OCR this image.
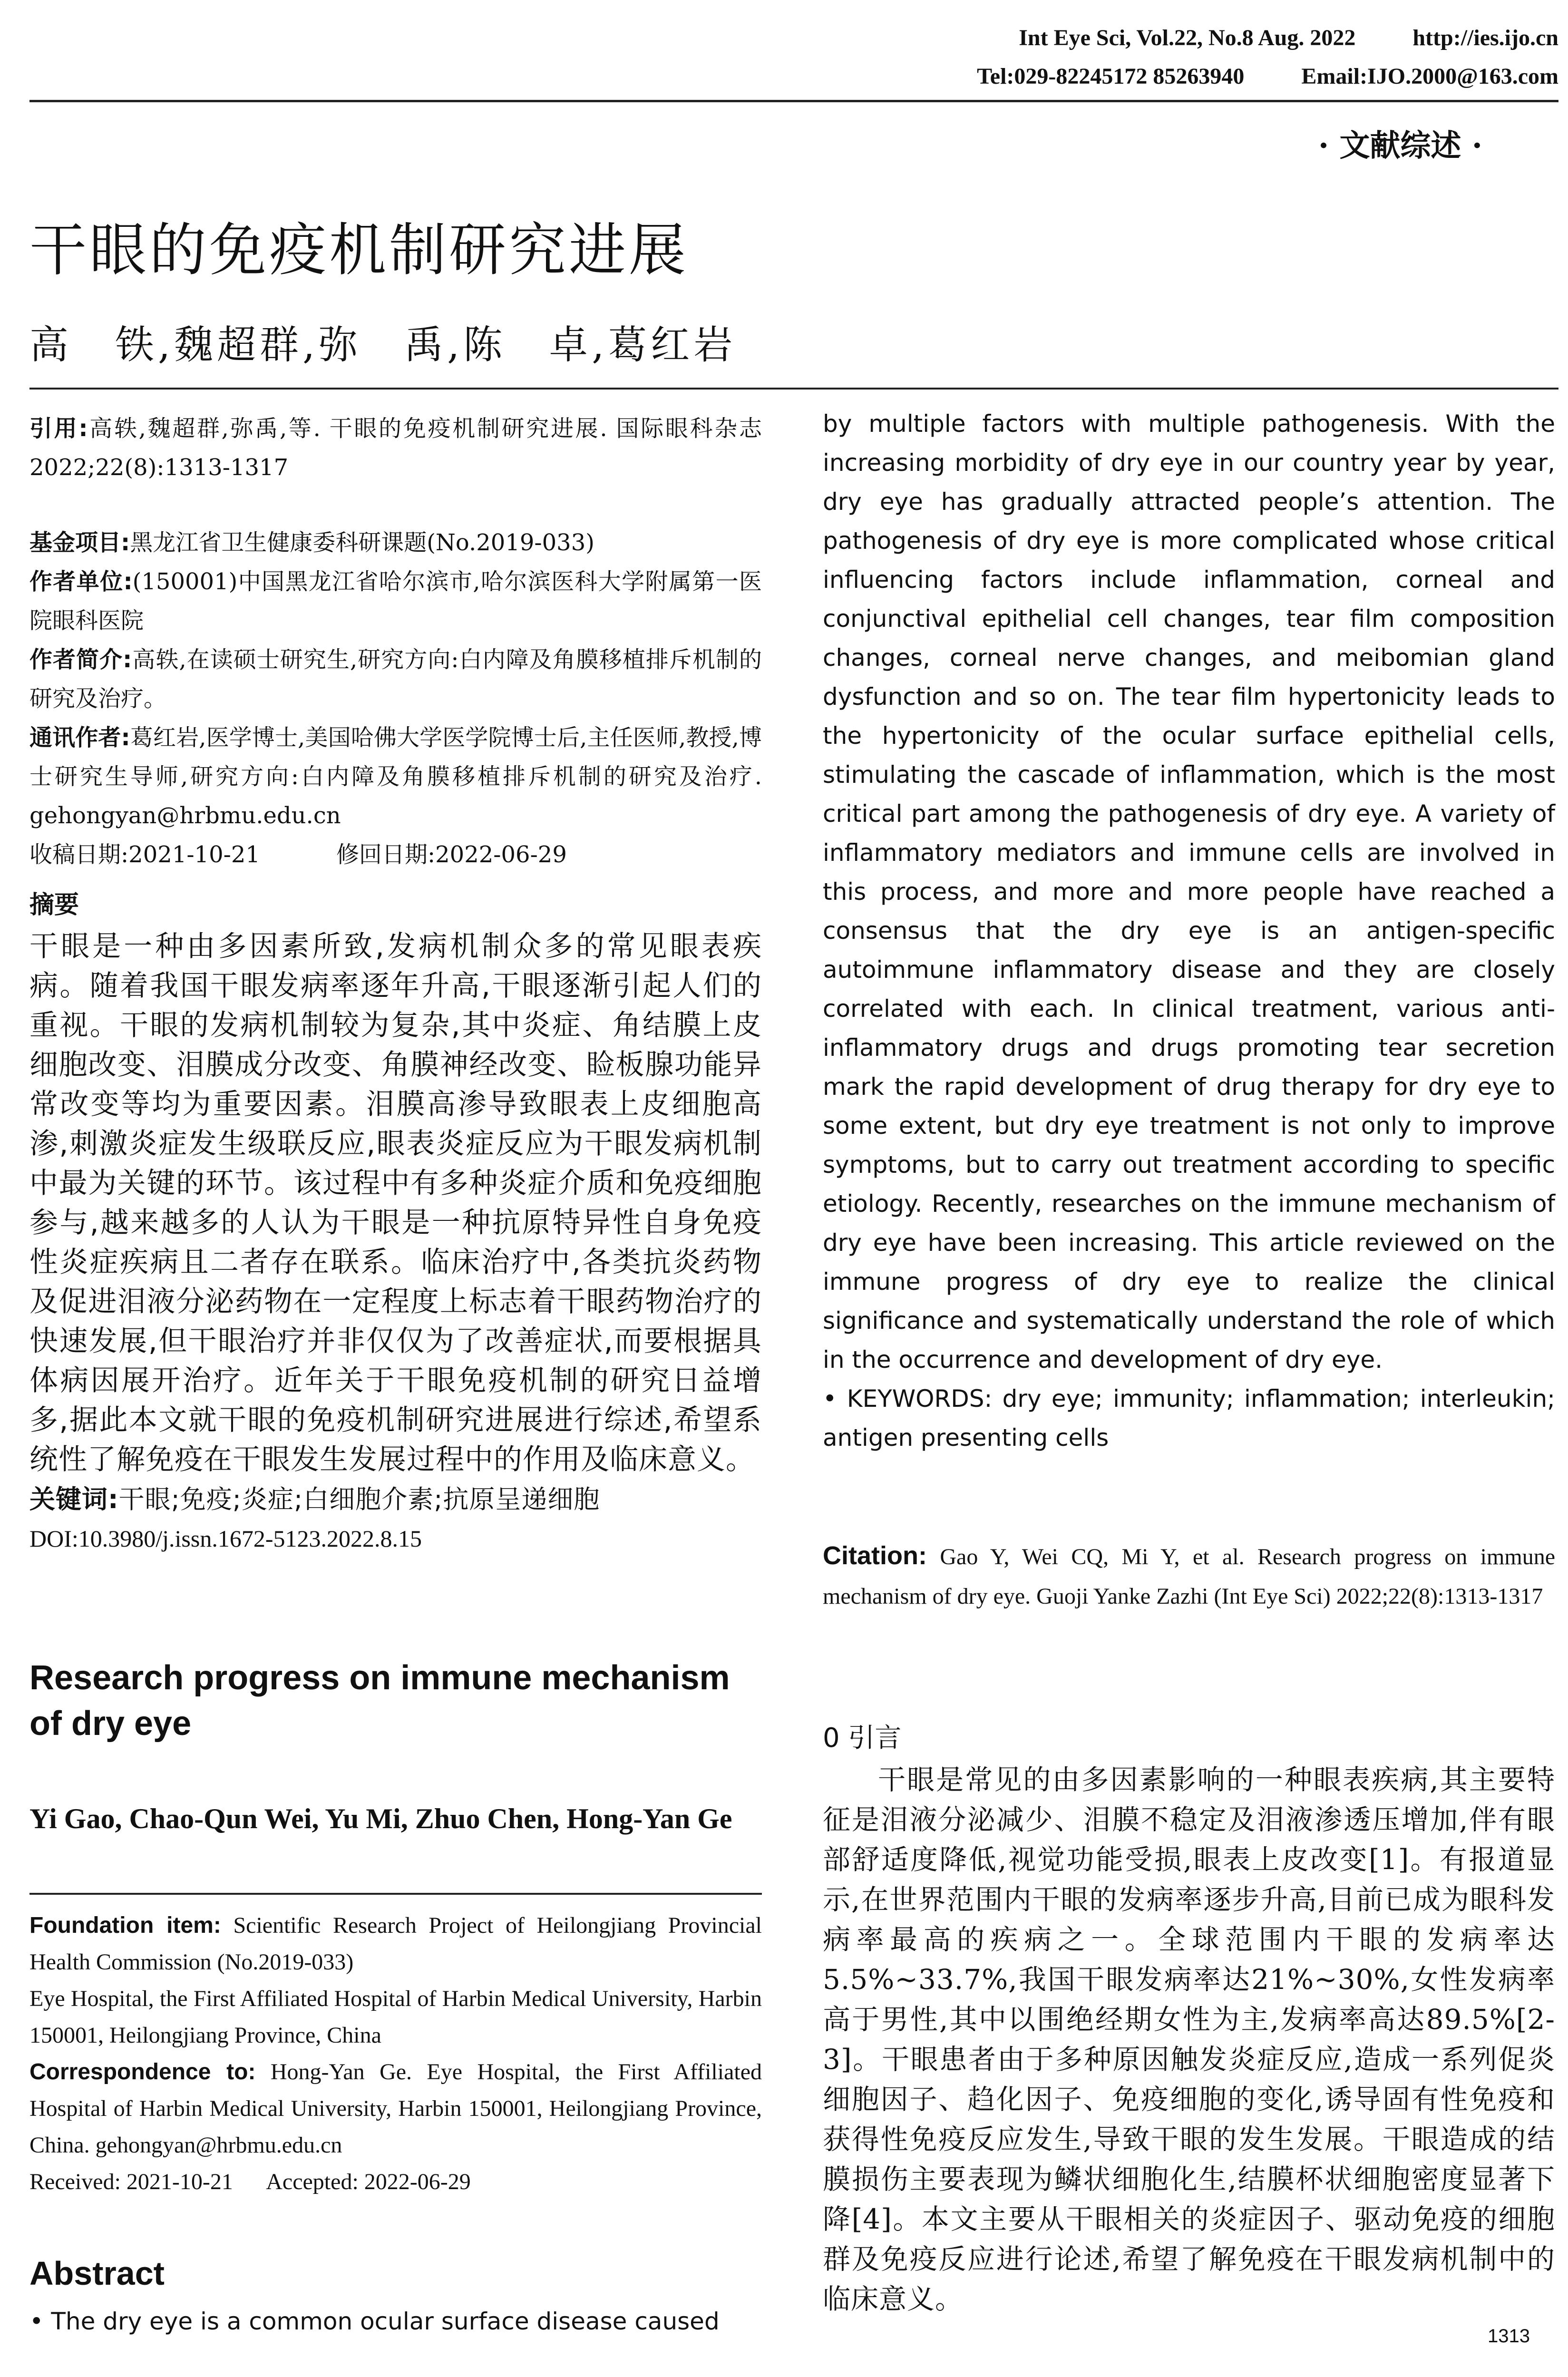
Int Eye Sci, Vol.22, No.8 Aug. 2022	http://ies.ijo.cn
Tel:029-82245172 85263940	Email:IJO.2000@163.com
· 文献综述 ·
干眼的免疫机制研究进展
高　铁,魏超群,弥　禹,陈　卓,葛红岩

引用:高轶,魏超群,弥禹,等. 干眼的免疫机制研究进展. 国际眼科杂志 2022;22(8):1313-1317

基金项目:黑龙江省卫生健康委科研课题(No.2019-033)

作者单位:(150001)中国黑龙江省哈尔滨市,哈尔滨医科大学附属第一医院眼科医院

作者简介:高轶,在读硕士研究生,研究方向:白内障及角膜移植排斥机制的研究及治疗。

通讯作者:葛红岩,医学博士,美国哈佛大学医学院博士后,主任医师,教授,博士研究生导师,研究方向:白内障及角膜移植排斥机制的研究及治疗. gehongyan@hrbmu.edu.cn

收稿日期:2021-10-21	修回日期:2022-06-29

摘要

干眼是一种由多因素所致,发病机制众多的常见眼表疾病。随着我国干眼发病率逐年升高,干眼逐渐引起人们的重视。干眼的发病机制较为复杂,其中炎症、角结膜上皮细胞改变、泪膜成分改变、角膜神经改变、睑板腺功能异常改变等均为重要因素。泪膜高渗导致眼表上皮细胞高渗,刺激炎症发生级联反应,眼表炎症反应为干眼发病机制中最为关键的环节。该过程中有多种炎症介质和免疫细胞参与,越来越多的人认为干眼是一种抗原特异性自身免疫性炎症疾病且二者存在联系。临床治疗中,各类抗炎药物及促进泪液分泌药物在一定程度上标志着干眼药物治疗的快速发展,但干眼治疗并非仅仅为了改善症状,而要根据具体病因展开治疗。近年关于干眼免疫机制的研究日益增多,据此本文就干眼的免疫机制研究进展进行综述,希望系统性了解免疫在干眼发生发展过程中的作用及临床意义。

关键词:干眼;免疫;炎症;白细胞介素;抗原呈递细胞

DOI:10.3980/j.issn.1672-5123.2022.8.15

Research progress on immune mechanism of dry eye
Yi Gao, Chao-Qun Wei, Yu Mi, Zhuo Chen, Hong-Yan Ge

Foundation item: Scientific Research Project of Heilongjiang Provincial Health Commission (No.2019-033)

Eye Hospital, the First Affiliated Hospital of Harbin Medical University, Harbin 150001, Heilongjiang Province, China

Correspondence to: Hong-Yan Ge. Eye Hospital, the First Affiliated Hospital of Harbin Medical University, Harbin 150001, Heilongjiang Province, China. gehongyan@hrbmu.edu.cn

Received: 2021-10-21      Accepted: 2022-06-29

Abstract

• The dry eye is a common ocular surface disease caused

by multiple factors with multiple pathogenesis. With the increasing morbidity of dry eye in our country year by year, dry eye has gradually attracted people’s attention. The pathogenesis of dry eye is more complicated whose critical influencing factors include inflammation, corneal and conjunctival epithelial cell changes, tear film composition changes, corneal nerve changes, and meibomian gland dysfunction and so on. The tear film hypertonicity leads to the hypertonicity of the ocular surface epithelial cells, stimulating the cascade of inflammation, which is the most critical part among the pathogenesis of dry eye. A variety of inflammatory mediators and immune cells are involved in this process, and more and more people have reached a consensus that the dry eye is an antigen-specific autoimmune inflammatory disease and they are closely correlated with each. In clinical treatment, various anti-inflammatory drugs and drugs promoting tear secretion mark the rapid development of drug therapy for dry eye to some extent, but dry eye treatment is not only to improve symptoms, but to carry out treatment according to specific etiology. Recently, researches on the immune mechanism of dry eye have been increasing. This article reviewed on the immune progress of dry eye to realize the clinical significance and systematically understand the role of which in the occurrence and development of dry eye.

• KEYWORDS: dry eye; immunity; inflammation; interleukin; antigen presenting cells

Citation: Gao Y, Wei CQ, Mi Y, et al. Research progress on immune mechanism of dry eye. Guoji Yanke Zazhi (Int Eye Sci) 2022;22(8):1313-1317

0 引言

干眼是常见的由多因素影响的一种眼表疾病,其主要特征是泪液分泌减少、泪膜不稳定及泪液渗透压增加,伴有眼部舒适度降低,视觉功能受损,眼表上皮改变[1]。有报道显示,在世界范围内干眼的发病率逐步升高,目前已成为眼科发病率最高的疾病之一。全球范围内干眼的发病率达5.5%~33.7%,我国干眼发病率达21%~30%,女性发病率高于男性,其中以围绝经期女性为主,发病率高达89.5%[2-3]。干眼患者由于多种原因触发炎症反应,造成一系列促炎细胞因子、趋化因子、免疫细胞的变化,诱导固有性免疫和获得性免疫反应发生,导致干眼的发生发展。干眼造成的结膜损伤主要表现为鳞状细胞化生,结膜杯状细胞密度显著下降[4]。本文主要从干眼相关的炎症因子、驱动免疫的细胞群及免疫反应进行论述,希望了解免疫在干眼发病机制中的临床意义。

1313
